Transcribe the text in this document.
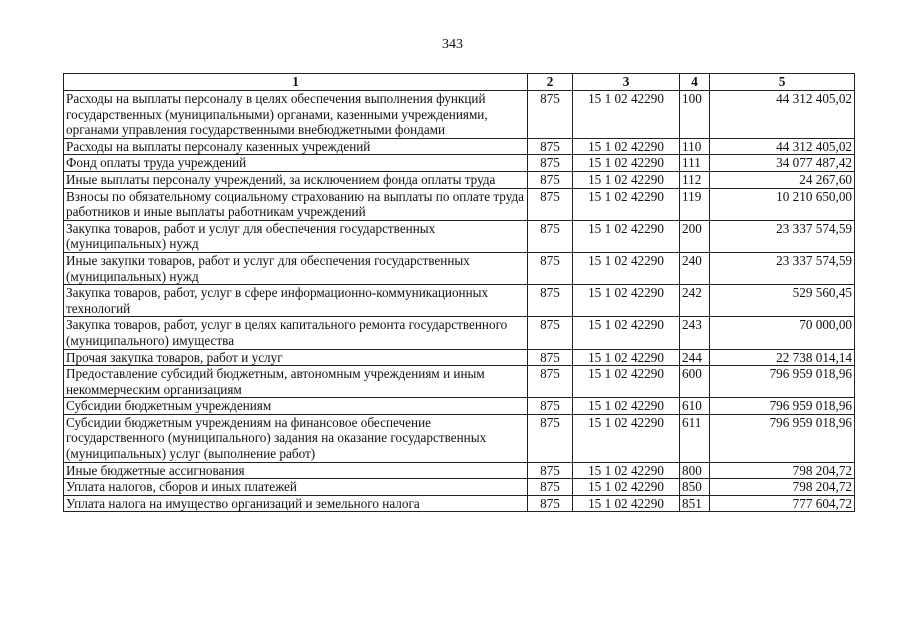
343
1	2	3	4	5
Расходы на выплаты персоналу в целях обеспечения выполнения функций государственных (муниципальными) органами, казенными учреждениями, органами управления государственными внебюджетными фондами	875	15 1 02 42290	100	44 312 405,02
Расходы на выплаты персоналу казенных учреждений	875	15 1 02 42290	110	44 312 405,02
Фонд оплаты труда учреждений	875	15 1 02 42290	111	34 077 487,42
Иные выплаты персоналу учреждений, за исключением фонда оплаты труда	875	15 1 02 42290	112	24 267,60
Взносы по обязательному социальному страхованию на выплаты по оплате труда работников и иные выплаты работникам учреждений	875	15 1 02 42290	119	10 210 650,00
Закупка товаров, работ и услуг для обеспечения государственных (муниципальных) нужд	875	15 1 02 42290	200	23 337 574,59
Иные закупки товаров, работ и услуг для обеспечения государственных (муниципальных) нужд	875	15 1 02 42290	240	23 337 574,59
Закупка товаров, работ, услуг в сфере информационно-коммуникационных технологий	875	15 1 02 42290	242	529 560,45
Закупка товаров, работ, услуг в целях капитального ремонта государственного (муниципального) имущества	875	15 1 02 42290	243	70 000,00
Прочая закупка товаров, работ и услуг	875	15 1 02 42290	244	22 738 014,14
Предоставление субсидий бюджетным, автономным учреждениям и иным некоммерческим организациям	875	15 1 02 42290	600	796 959 018,96
Субсидии бюджетным учреждениям	875	15 1 02 42290	610	796 959 018,96
Субсидии бюджетным учреждениям на финансовое обеспечение государственного (муниципального) задания на оказание государственных (муниципальных) услуг (выполнение работ)	875	15 1 02 42290	611	796 959 018,96
Иные бюджетные ассигнования	875	15 1 02 42290	800	798 204,72
Уплата налогов, сборов и иных платежей	875	15 1 02 42290	850	798 204,72
Уплата налога на имущество организаций и земельного налога	875	15 1 02 42290	851	777 604,72
